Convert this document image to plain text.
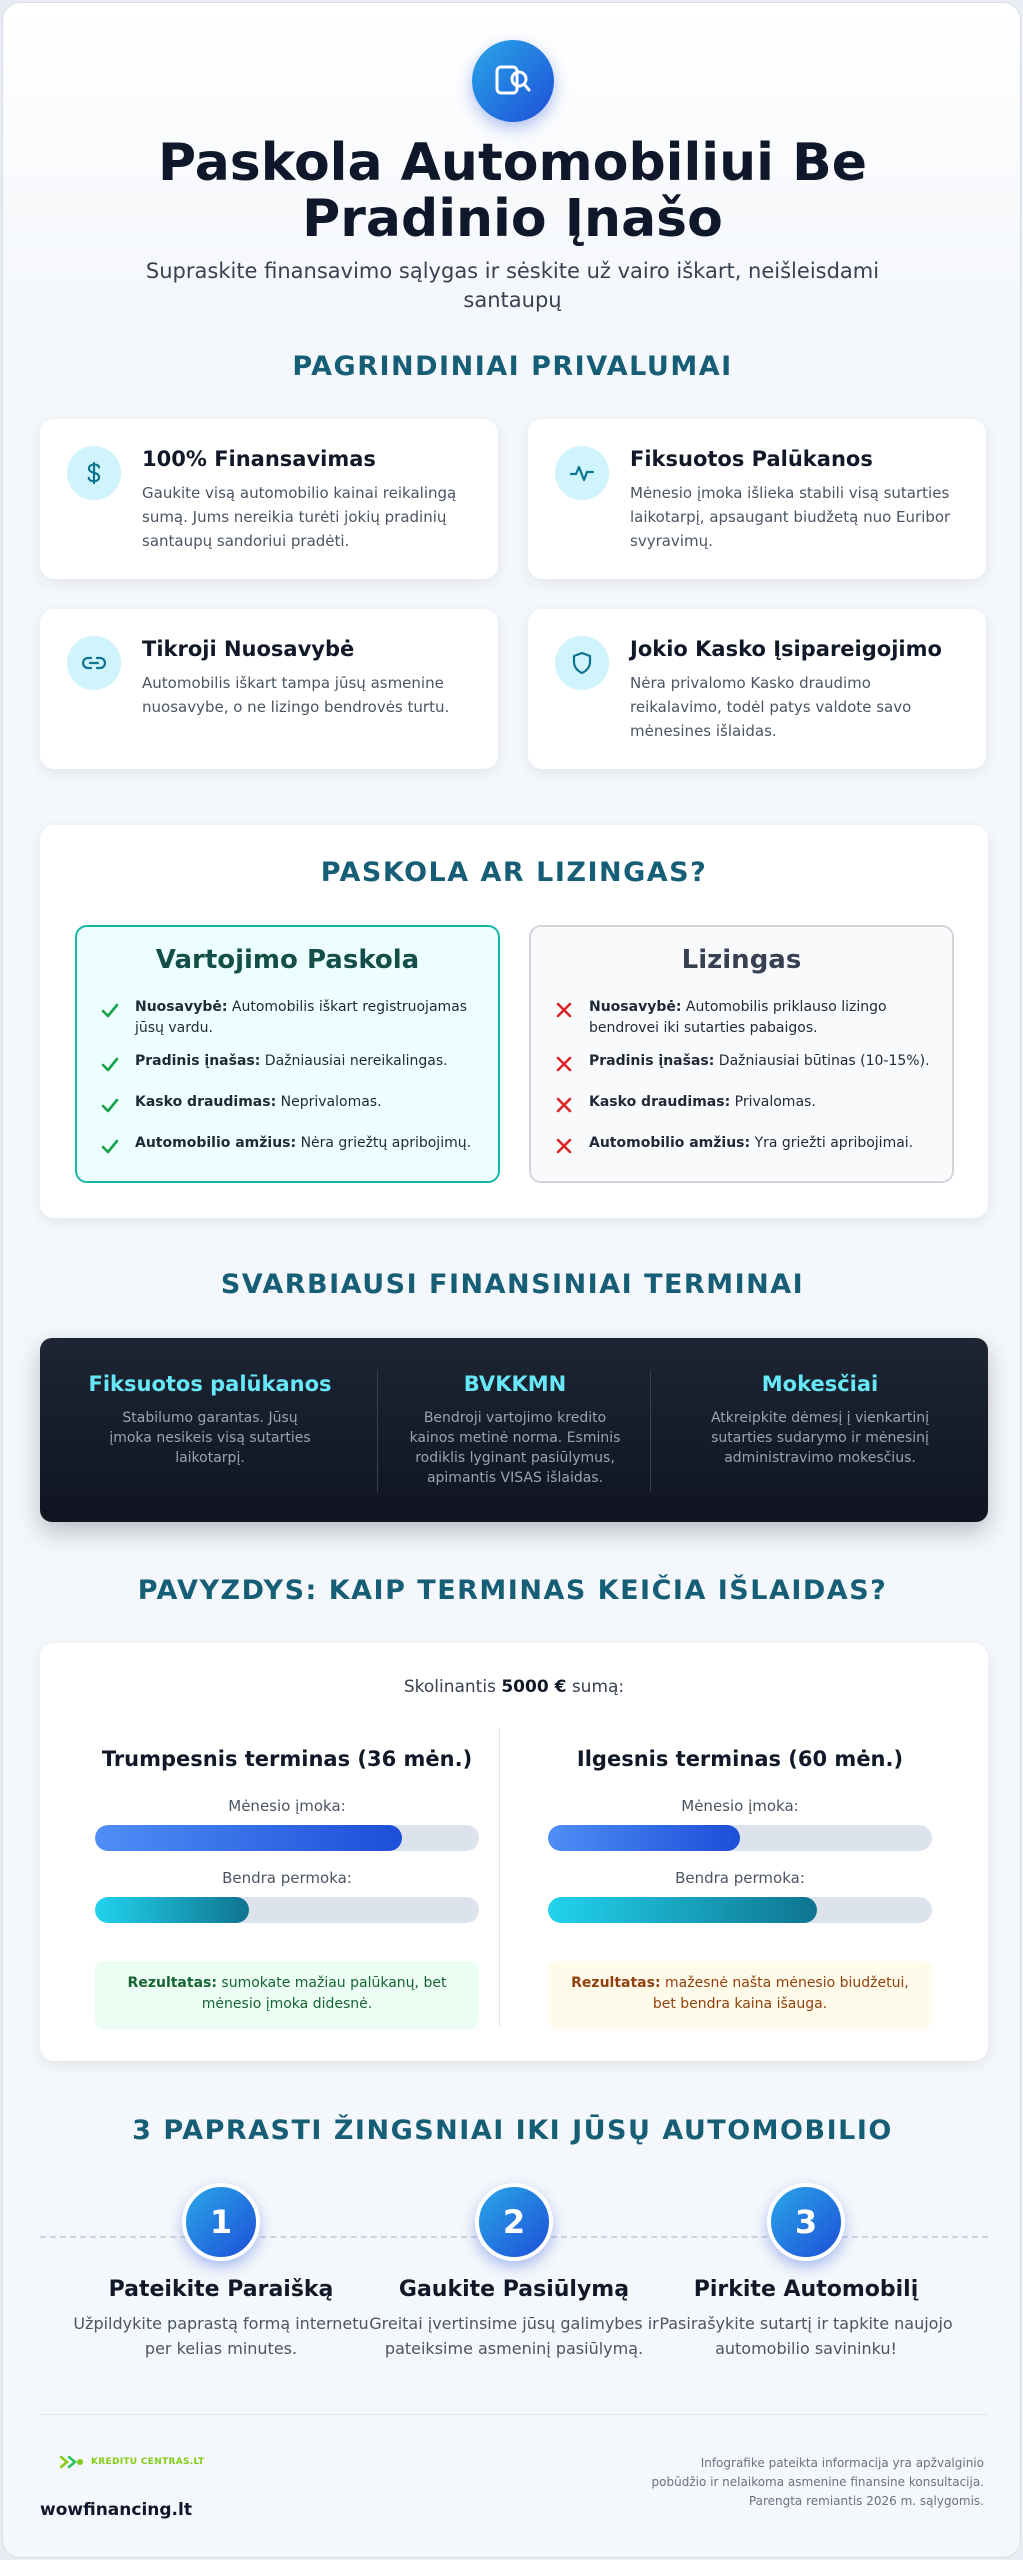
Paskola Automobiliui Be Pradinio Įnašo

Supraskite finansavimo sąlygas ir sėskite už vairo iškart, neišleisdami santaupų

PAGRINDINIAI PRIVALUMAI
100% Finansavimas
Gaukite visą automobilio kainai reikalingą sumą. Jums nereikia turėti jokių pradinių santaupų sandoriui pradėti.
Fiksuotos Palūkanos
Mėnesio įmoka išlieka stabili visą sutarties laikotarpį, apsaugant biudžetą nuo Euribor svyravimų.
Tikroji Nuosavybė
Automobilis iškart tampa jūsų asmenine nuosavybe, o ne lizingo bendrovės turtu.
Jokio Kasko Įsipareigojimo
Nėra privalomo Kasko draudimo reikalavimo, todėl patys valdote savo mėnesines išlaidas.
PASKOLA AR LIZINGAS?
Vartojimo Paskola
Nuosavybė: Automobilis iškart registruojamas jūsų vardu.
Pradinis įnašas: Dažniausiai nereikalingas.
Kasko draudimas: Neprivalomas.
Automobilio amžius: Nėra griežtų apribojimų.
Lizingas
Nuosavybė: Automobilis priklauso lizingo bendrovei iki sutarties pabaigos.
Pradinis įnašas: Dažniausiai būtinas (10-15%).
Kasko draudimas: Privalomas.
Automobilio amžius: Yra griežti apribojimai.
SVARBIAUSI FINANSINIAI TERMINAI
Fiksuotos palūkanos
Stabilumo garantas. Jūsų įmoka nesikeis visą sutarties laikotarpį.
BVKKMN
Bendroji vartojimo kredito kainos metinė norma. Esminis rodiklis lyginant pasiūlymus, apimantis VISAS išlaidas.
Mokesčiai
Atkreipkite dėmesį į vienkartinį sutarties sudarymo ir mėnesinį administravimo mokesčius.
PAVYZDYS: KAIP TERMINAS KEIČIA IŠLAIDAS?
Skolinantis 5000 € sumą:
Trumpesnis terminas (36 mėn.)
Mėnesio įmoka:
Bendra permoka:
Rezultatas: sumokate mažiau palūkanų, bet mėnesio įmoka didesnė.
Ilgesnis terminas (60 mėn.)
Mėnesio įmoka:
Bendra permoka:
Rezultatas: mažesnė našta mėnesio biudžetui, bet bendra kaina išauga.
3 PAPRASTI ŽINGSNIAI IKI JŪSŲ AUTOMOBILIO
1
Pateikite Paraišką
Užpildykite paprastą formą internetu per kelias minutes.
2
Gaukite Pasiūlymą
Greitai įvertinsime jūsų galimybes ir pateiksime asmeninį pasiūlymą.
3
Pirkite Automobilį
Pasirašykite sutartį ir tapkite naujojo automobilio savininku!
KREDITU CENTRAS.LT
wowfinancing.lt
Infografike pateikta informacija yra apžvalginio pobūdžio ir nelaikoma asmenine finansine konsultacija. Parengta remiantis 2026 m. sąlygomis.
